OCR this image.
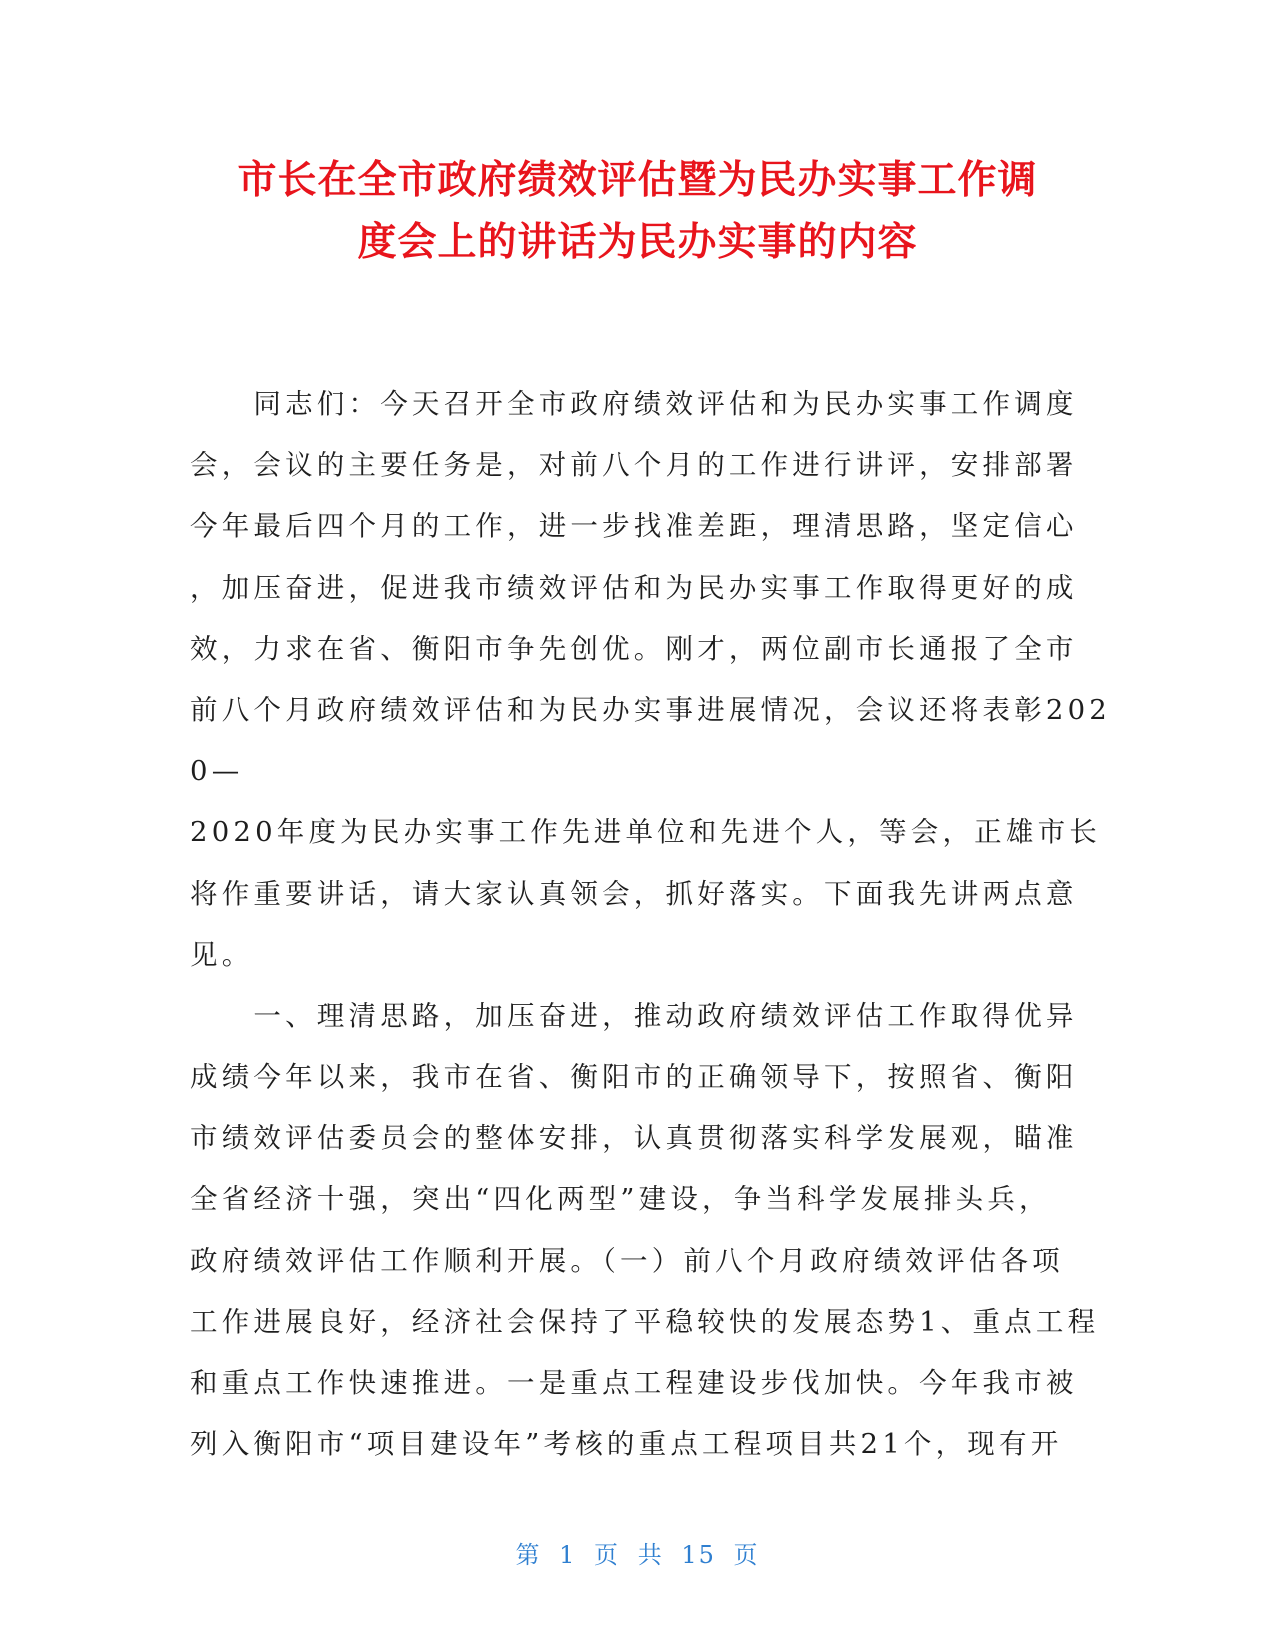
市长在全市政府绩效评估暨为民办实事工作调
度会上的讲话为民办实事的内容
　　同志们：今天召开全市政府绩效评估和为民办实事工作调度
会，会议的主要任务是，对前八个月的工作进行讲评，安排部署
今年最后四个月的工作，进一步找准差距，理清思路，坚定信心
，加压奋进，促进我市绩效评估和为民办实事工作取得更好的成
效，力求在省、衡阳市争先创优。刚才，两位副市长通报了全市
前八个月政府绩效评估和为民办实事进展情况，会议还将表彰202
0—
2020年度为民办实事工作先进单位和先进个人，等会，正雄市长
将作重要讲话，请大家认真领会，抓好落实。下面我先讲两点意
见。
　　一、理清思路，加压奋进，推动政府绩效评估工作取得优异
成绩今年以来，我市在省、衡阳市的正确领导下，按照省、衡阳
市绩效评估委员会的整体安排，认真贯彻落实科学发展观，瞄准
全省经济十强，突出“四化两型”建设，争当科学发展排头兵，
政府绩效评估工作顺利开展。（一）前八个月政府绩效评估各项
工作进展良好，经济社会保持了平稳较快的发展态势1、重点工程
和重点工作快速推进。一是重点工程建设步伐加快。今年我市被
列入衡阳市“项目建设年”考核的重点工程项目共21个，现有开
第 1 页 共 15 页
